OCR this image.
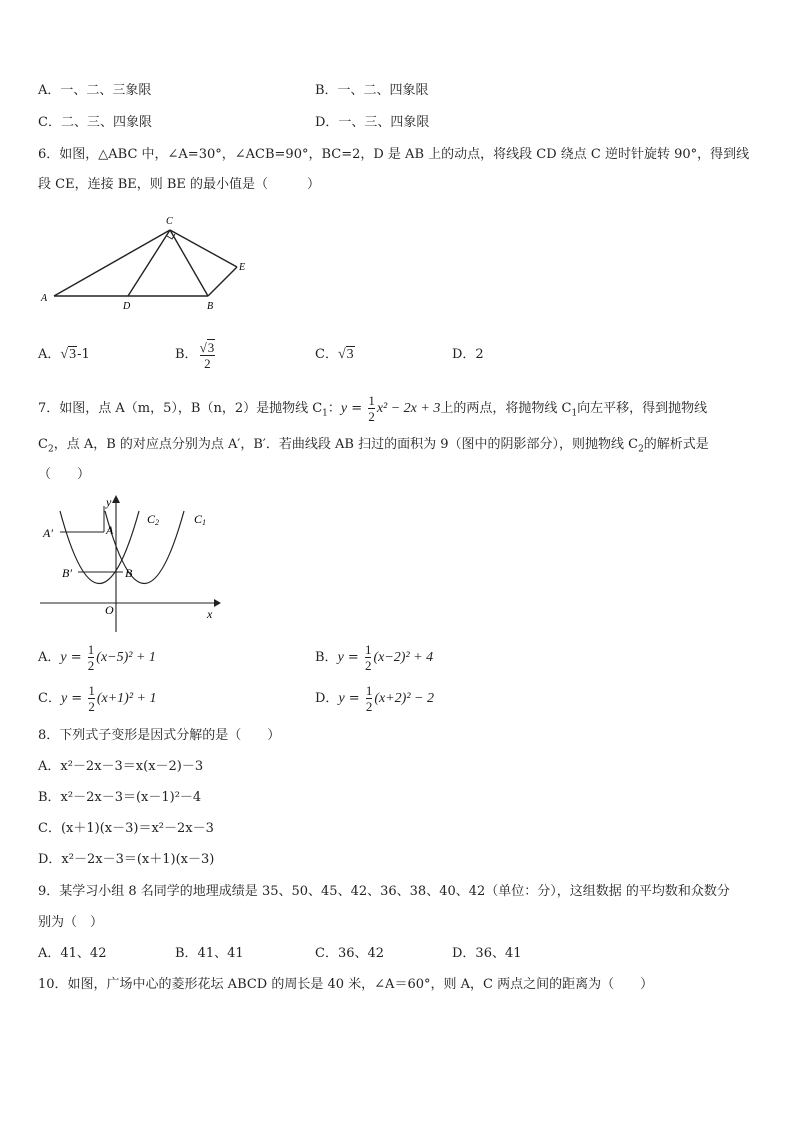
A．一、二、三象限	B．一、二、四象限
C．二、三、四象限	D．一、三、四象限
6．如图，△ABC 中，∠A=30°，∠ACB=90°，BC=2，D 是 AB 上的动点，将线段 CD 绕点 C 逆时针旋转 90°，得到线
段 CE，连接 BE，则 BE 的最小值是（　　　）
C
A
D	B
E
A．√3-1	B． $\frac{√3}{2}$	C．√3	D．2
7．如图，点 A（m，5），B（n，2）是抛物线 $C_1$：$y = \frac{1}{2} x^2 - 2x + 3$上的两点，将抛物线 $C_1$向左平移，得到抛物线
$C_2$，点 A，B 的对应点分别为点 A′，B′．若曲线段 AB 扫过的面积为 9（图中的阴影部分），则抛物线 $C_2$的解析式是
（　　）
y
x
O
A′	A
B′	B
C2	C1
A．$y = \frac{1}{2} (x-5)^2 + 1$	B．$y = \frac{1}{2} (x-2)^2 + 4$
C．$y = \frac{1}{2} (x+1)^2 + 1$	D．$y = \frac{1}{2} (x+2)^2 - 2$
8．下列式子变形是因式分解的是（　　）
A．x²－2x－3＝x(x－2)－3
B．x²－2x－3＝(x－1)²－4
C．(x＋1)(x－3)＝x²－2x－3
D．x²－2x－3＝(x＋1)(x－3)
9．某学习小组 8 名同学的地理成绩是 35、50、45、42、36、38、40、42（单位：分），这组数据 的平均数和众数分
别为（　）
A．41、42	B．41、41	C．36、42	D．36、41
10．如图，广场中心的菱形花坛 ABCD 的周长是 40 米，∠A＝60°，则 A，C 两点之间的距离为（　　）
